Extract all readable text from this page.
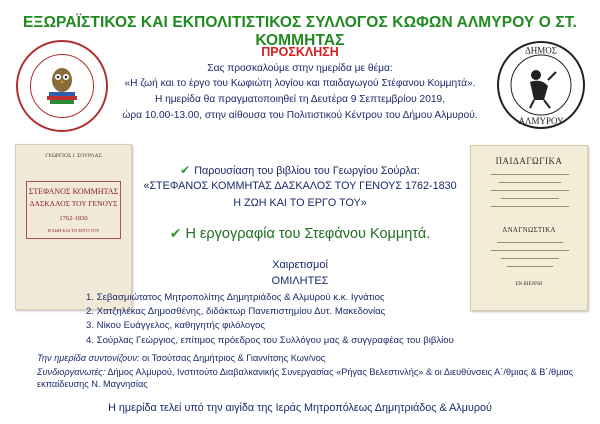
ΕΞΩΡΑΪΣΤΙΚΟΣ ΚΑΙ ΕΚΠΟΛΙΤΙΣΤΙΚΟΣ ΣΥΛΛΟΓΟΣ ΚΩΦΩΝ ΑΛΜΥΡΟΥ Ο ΣΤ. ΚΟΜΜΗΤΑΣ
ΔΗΜΟΣ
ΑΛΜΥΡΟΥ
ΠΡΟΣΚΛΗΣΗ
Σας προσκαλούμε στην ημερίδα με θέμα:
«Η ζωή και το έργο του Κωφιώτη λογίου και παιδαγωγού Στέφανου Κομμητά».
Η ημερίδα θα πραγματοποιηθεί τη Δευτέρα 9 Σεπτεμβρίου 2019,
ώρα 10.00-13.00, στην αίθουσα του Πολιτιστικού Κέντρου του Δήμου Αλμυρού.
ΓΕΩΡΓΙΟΣ Ι. ΣΟΥΡΛΑΣ
ΣΤΕΦΑΝΟΣ ΚΟΜΜΗΤΑΣ
ΔΑΣΚΑΛΟΣ ΤΟΥ ΓΕΝΟΥΣ
1762-1830
Η ΖΩΗ ΚΑΙ ΤΟ ΕΡΓΟ ΤΟΥ
ΠΑΙΔΑΓΩΓΙΚΑ
ΑΝΑΓΝΩΣΤΙΚΑ
ΕΝ ΒΙΕΝΝΗ
✔ Παρουσίαση του βιβλίου του Γεωργίου Σούρλα:
«ΣΤΕΦΑΝΟΣ ΚΟΜΜΗΤΑΣ ΔΑΣΚΑΛΟΣ ΤΟΥ ΓΕΝΟΥΣ 1762-1830
Η ΖΩΗ ΚΑΙ ΤΟ ΕΡΓΟ ΤΟΥ»
✔ Η εργογραφία του Στεφάνου Κομμητά.
Χαιρετισμοί
ΟΜΙΛΗΤΕΣ
1. Σεβασμιώτατος Μητροπολίτης Δημητριάδος & Αλμυρού κ.κ. Ιγνάτιος
2. Χατζηλέκας Δημοσθένης, διδάκτωρ Πανεπιστημίου Δυτ. Μακεδονίας
3. Νίκου Ευάγγελος, καθηγητής φιλόλογος
4. Σούρλας Γεώργιος, επίτιμος πρόεδρος του Συλλόγου μας & συγγραφέας του βιβλίου
Την ημερίδα συντονίζουν: οι Τσούτσας Δημήτριος & Γιαννίτσης Κων/νος
Συνδιοργανωτές: Δήμος Αλμυρού, Ινστιτούτο Διαβαλκανικής Συνεργασίας «Ρήγας Βελεστινλής» & οι Διευθύνσεις Α΄/θμιας & Β΄/θμιας εκπαίδευσης Ν. Μαγνησίας
Η ημερίδα τελεί υπό την αιγίδα της Ιεράς Μητροπόλεως Δημητριάδος & Αλμυρού
